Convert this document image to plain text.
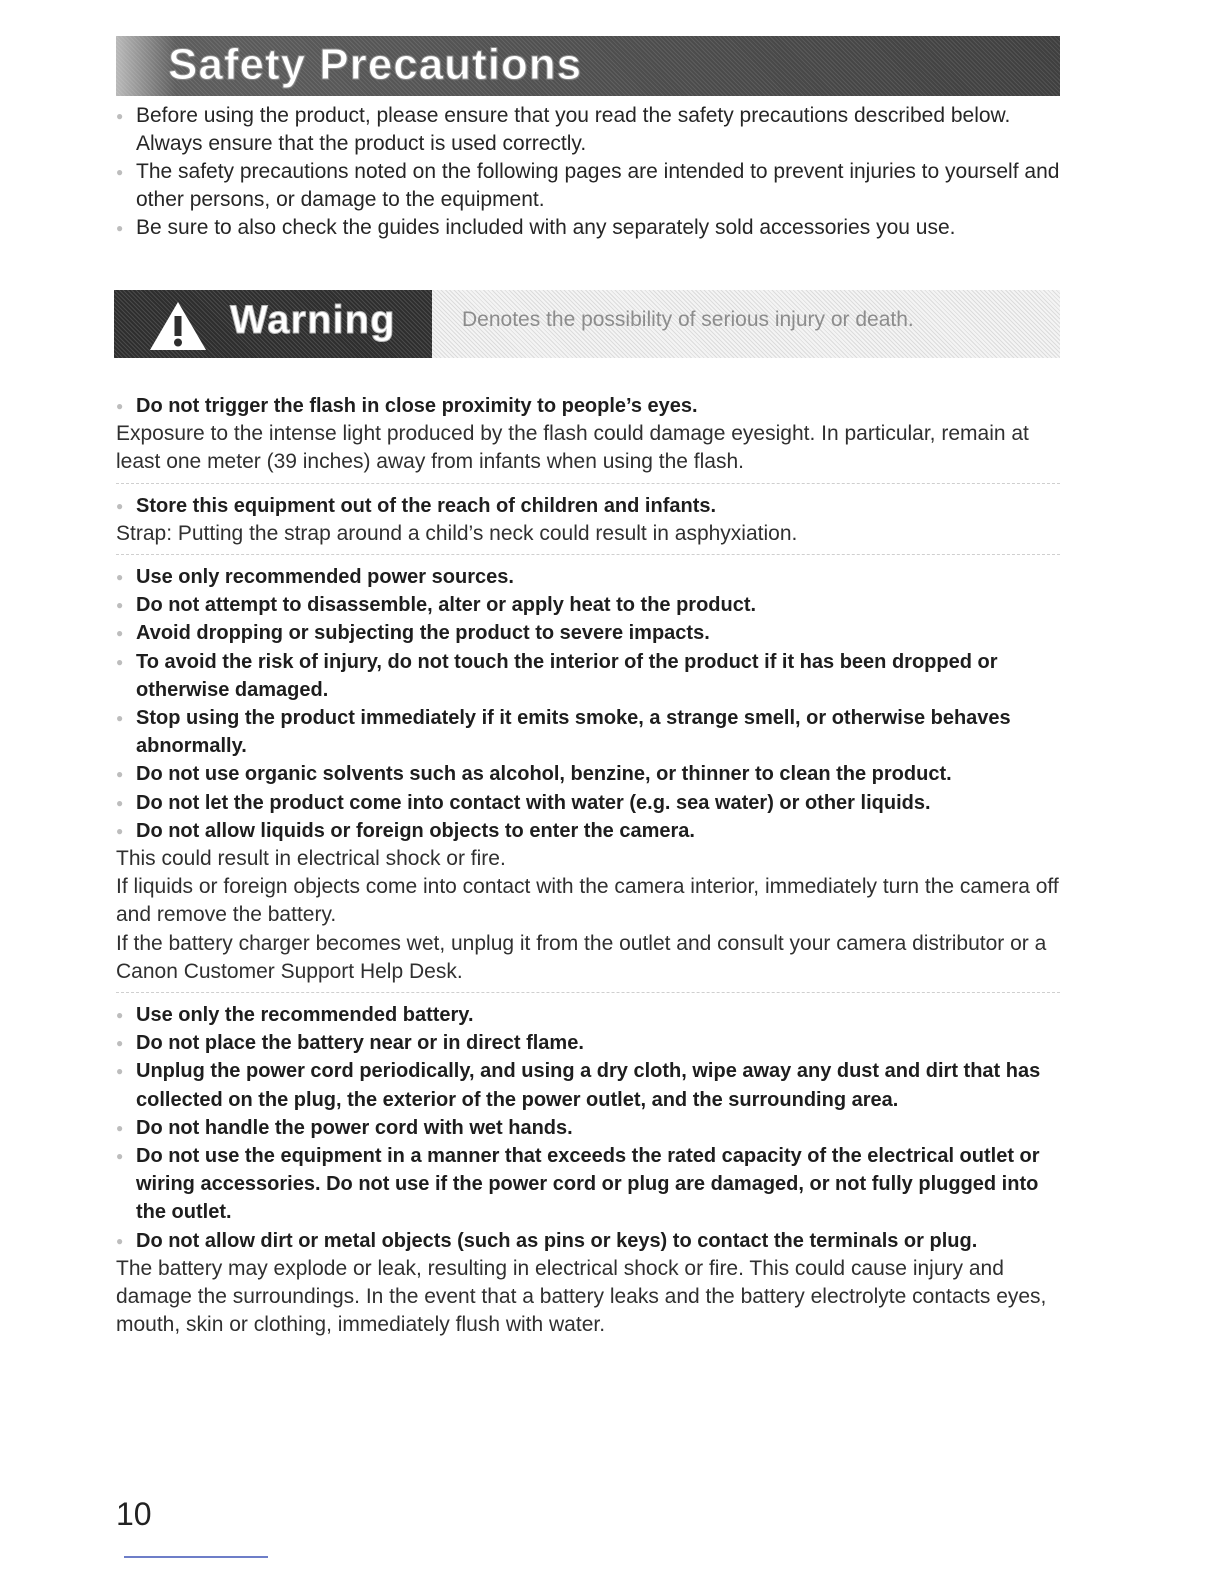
Safety Precautions
● Before using the product, please ensure that you read the safety precautions described below. Always ensure that the product is used correctly.
● The safety precautions noted on the following pages are intended to prevent injuries to yourself and other persons, or damage to the equipment.
● Be sure to also check the guides included with any separately sold accessories you use.
Warning	Denotes the possibility of serious injury or death.
● Do not trigger the flash in close proximity to people’s eyes.
Exposure to the intense light produced by the flash could damage eyesight. In particular, remain at least one meter (39 inches) away from infants when using the flash.
● Store this equipment out of the reach of children and infants.
Strap: Putting the strap around a child’s neck could result in asphyxiation.
● Use only recommended power sources.
● Do not attempt to disassemble, alter or apply heat to the product.
● Avoid dropping or subjecting the product to severe impacts.
● To avoid the risk of injury, do not touch the interior of the product if it has been dropped or otherwise damaged.
● Stop using the product immediately if it emits smoke, a strange smell, or otherwise behaves abnormally.
● Do not use organic solvents such as alcohol, benzine, or thinner to clean the product.
● Do not let the product come into contact with water (e.g. sea water) or other liquids.
● Do not allow liquids or foreign objects to enter the camera.
This could result in electrical shock or fire.
If liquids or foreign objects come into contact with the camera interior, immediately turn the camera off and remove the battery.
If the battery charger becomes wet, unplug it from the outlet and consult your camera distributor or a Canon Customer Support Help Desk.
● Use only the recommended battery.
● Do not place the battery near or in direct flame.
● Unplug the power cord periodically, and using a dry cloth, wipe away any dust and dirt that has collected on the plug, the exterior of the power outlet, and the surrounding area.
● Do not handle the power cord with wet hands.
● Do not use the equipment in a manner that exceeds the rated capacity of the electrical outlet or wiring accessories. Do not use if the power cord or plug are damaged, or not fully plugged into the outlet.
● Do not allow dirt or metal objects (such as pins or keys) to contact the terminals or plug.
The battery may explode or leak, resulting in electrical shock or fire. This could cause injury and damage the surroundings. In the event that a battery leaks and the battery electrolyte contacts eyes, mouth, skin or clothing, immediately flush with water.
10
